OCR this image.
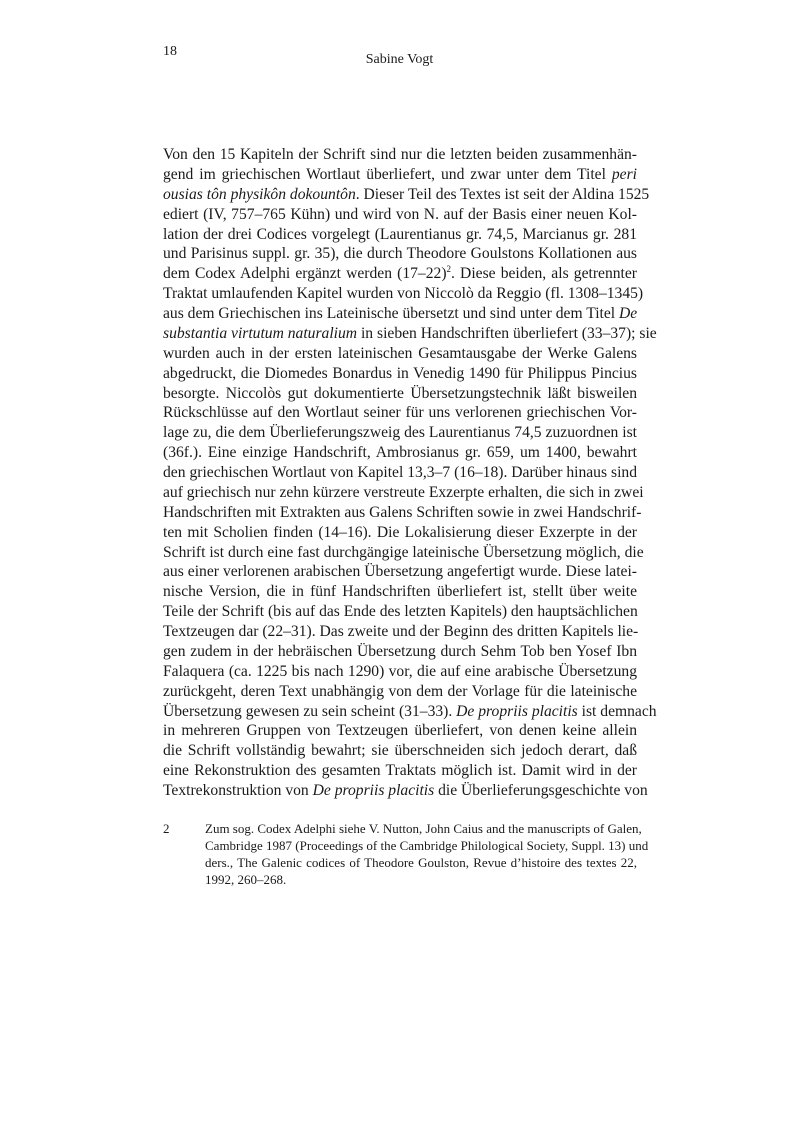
18
Sabine Vogt
Von den 15 Kapiteln der Schrift sind nur die letzten beiden zusammenhän-
gend im griechischen Wortlaut überliefert, und zwar unter dem Titel peri
ousias tôn physikôn dokountôn. Dieser Teil des Textes ist seit der Aldina 1525
ediert (IV, 757–765 Kühn) und wird von N. auf der Basis einer neuen Kol-
lation der drei Codices vorgelegt (Laurentianus gr. 74,5, Marcianus gr. 281
und Parisinus suppl. gr. 35), die durch Theodore Goulstons Kollationen aus
dem Codex Adelphi ergänzt werden $(17-22)^2$. Diese beiden, als getrennter
Traktat umlaufenden Kapitel wurden von Niccolò da Reggio (fl. 1308–1345)
aus dem Griechischen ins Lateinische übersetzt und sind unter dem Titel De
substantia virtutum naturalium in sieben Handschriften überliefert (33–37); sie
wurden auch in der ersten lateinischen Gesamtausgabe der Werke Galens
abgedruckt, die Diomedes Bonardus in Venedig 1490 für Philippus Pincius
besorgte. Niccolòs gut dokumentierte Übersetzungstechnik läßt bisweilen
Rückschlüsse auf den Wortlaut seiner für uns verlorenen griechischen Vor-
lage zu, die dem Überlieferungszweig des Laurentianus 74,5 zuzuordnen ist
(36f.). Eine einzige Handschrift, Ambrosianus gr. 659, um 1400, bewahrt
den griechischen Wortlaut von Kapitel 13,3–7 (16–18). Darüber hinaus sind
auf griechisch nur zehn kürzere verstreute Exzerpte erhalten, die sich in zwei
Handschriften mit Extrakten aus Galens Schriften sowie in zwei Handschrif-
ten mit Scholien finden (14–16). Die Lokalisierung dieser Exzerpte in der
Schrift ist durch eine fast durchgängige lateinische Übersetzung möglich, die
aus einer verlorenen arabischen Übersetzung angefertigt wurde. Diese latei-
nische Version, die in fünf Handschriften überliefert ist, stellt über weite
Teile der Schrift (bis auf das Ende des letzten Kapitels) den hauptsächlichen
Textzeugen dar (22–31). Das zweite und der Beginn des dritten Kapitels lie-
gen zudem in der hebräischen Übersetzung durch Sehm Tob ben Yosef Ibn
Falaquera (ca. 1225 bis nach 1290) vor, die auf eine arabische Übersetzung
zurückgeht, deren Text unabhängig von dem der Vorlage für die lateinische
Übersetzung gewesen zu sein scheint (31–33). De propriis placitis ist demnach
in mehreren Gruppen von Textzeugen überliefert, von denen keine allein
die Schrift vollständig bewahrt; sie überschneiden sich jedoch derart, daß
eine Rekonstruktion des gesamten Traktats möglich ist. Damit wird in der
Textrekonstruktion von De propriis placitis die Überlieferungsgeschichte von
2	Zum sog. Codex Adelphi siehe V. Nutton, John Caius and the manuscripts of Galen,
Cambridge 1987 (Proceedings of the Cambridge Philological Society, Suppl. 13) und
ders., The Galenic codices of Theodore Goulston, Revue d’histoire des textes 22,
1992, 260–268.
